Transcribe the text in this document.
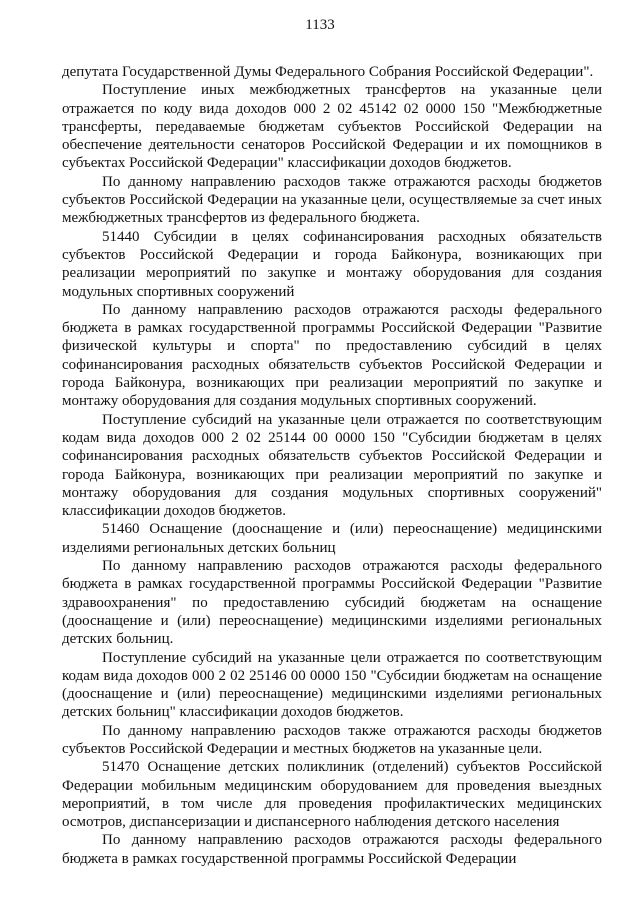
1133

депутата Государственной Думы Федерального Собрания Российской Федерации".

Поступление иных межбюджетных трансфертов на указанные цели отражается по коду вида доходов 000 2 02 45142 02 0000 150 "Межбюджетные трансферты, передаваемые бюджетам субъектов Российской Федерации на обеспечение деятельности сенаторов Российской Федерации и их помощников в субъектах Российской Федерации" классификации доходов бюджетов.

По данному направлению расходов также отражаются расходы бюджетов субъектов Российской Федерации на указанные цели, осуществляемые за счет иных межбюджетных трансфертов из федерального бюджета.

51440 Субсидии в целях софинансирования расходных обязательств субъектов Российской Федерации и города Байконура, возникающих при реализации мероприятий по закупке и монтажу оборудования для создания модульных спортивных сооружений

По данному направлению расходов отражаются расходы федерального бюджета в рамках государственной программы Российской Федерации "Развитие физической культуры и спорта" по предоставлению субсидий в целях софинансирования расходных обязательств субъектов Российской Федерации и города Байконура, возникающих при реализации мероприятий по закупке и монтажу оборудования для создания модульных спортивных сооружений.

Поступление субсидий на указанные цели отражается по соответствующим кодам вида доходов 000 2 02 25144 00 0000 150 "Субсидии бюджетам в целях софинансирования расходных обязательств субъектов Российской Федерации и города Байконура, возникающих при реализации мероприятий по закупке и монтажу оборудования для создания модульных спортивных сооружений" классификации доходов бюджетов.

51460 Оснащение (дооснащение и (или) переоснащение) медицинскими изделиями региональных детских больниц

По данному направлению расходов отражаются расходы федерального бюджета в рамках государственной программы Российской Федерации "Развитие здравоохранения" по предоставлению субсидий бюджетам на оснащение (дооснащение и (или) переоснащение) медицинскими изделиями региональных детских больниц.

Поступление субсидий на указанные цели отражается по соответствующим кодам вида доходов 000 2 02 25146 00 0000 150 "Субсидии бюджетам на оснащение (дооснащение и (или) переоснащение) медицинскими изделиями региональных детских больниц" классификации доходов бюджетов.

По данному направлению расходов также отражаются расходы бюджетов субъектов Российской Федерации и местных бюджетов на указанные цели.

51470 Оснащение детских поликлиник (отделений) субъектов Российской Федерации мобильным медицинским оборудованием для проведения выездных мероприятий, в том числе для проведения профилактических медицинских осмотров, диспансеризации и диспансерного наблюдения детского населения

По данному направлению расходов отражаются расходы федерального бюджета в рамках государственной программы Российской Федерации
